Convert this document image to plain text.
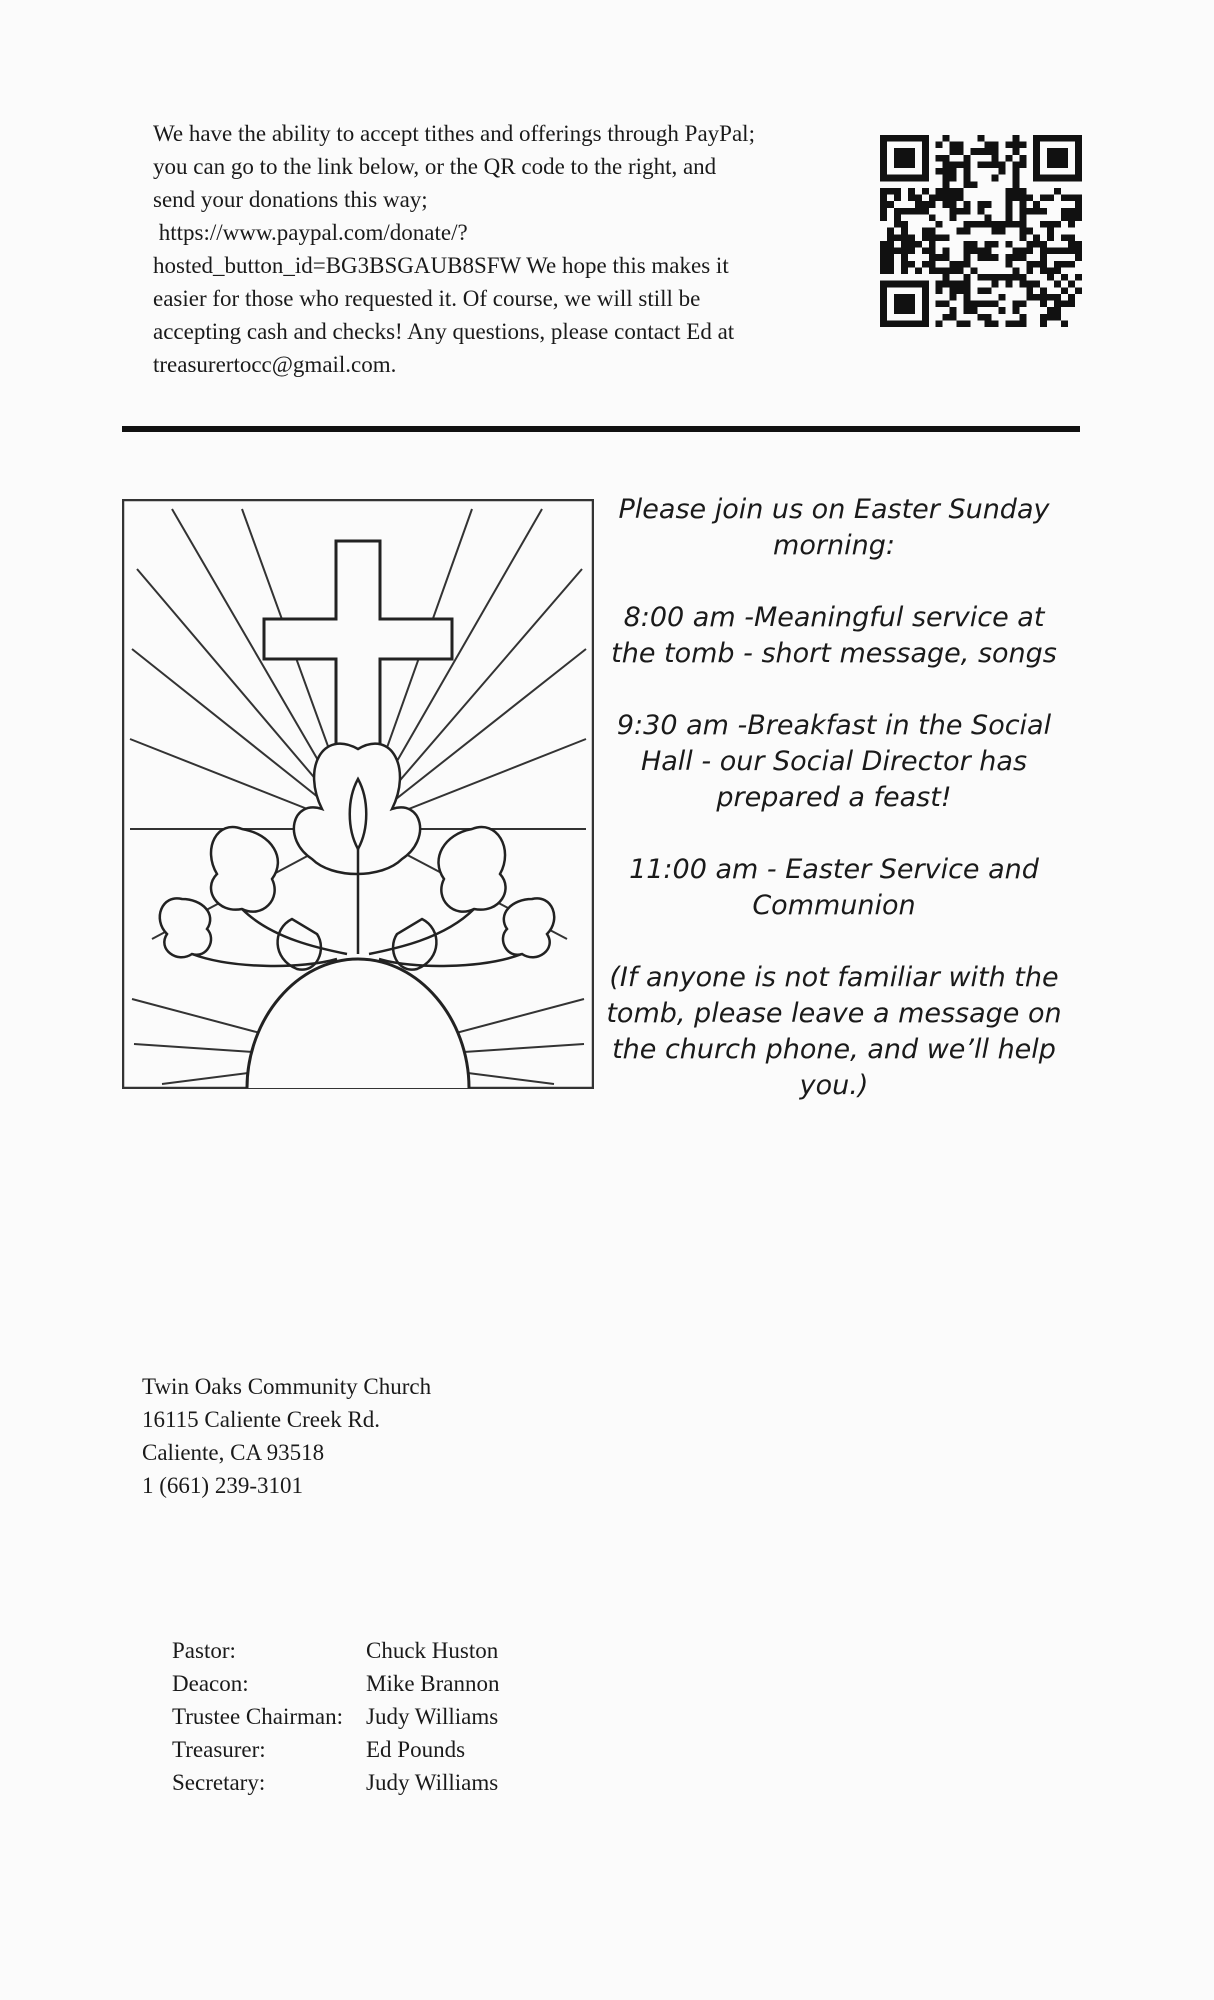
We have the ability to accept tithes and offerings through PayPal;
you can go to the link below, or the QR code to the right, and
send your donations this way;
https://www.paypal.com/donate/?
hosted_button_id=BG3BSGAUB8SFW We hope this makes it
easier for those who requested it. Of course, we will still be
accepting cash and checks! Any questions, please contact Ed at
treasurertocc@gmail.com.

Please join us on Easter Sunday morning:

8:00 am -Meaningful service at the tomb - short message, songs

9:30 am -Breakfast in the Social Hall - our Social Director has prepared a feast!

11:00 am - Easter Service and Communion

(If anyone is not familiar with the tomb, please leave a message on the church phone, and we’ll help you.)

Twin Oaks Community Church
16115 Caliente Creek Rd.
Caliente, CA 93518
1 (661) 239-3101
Pastor:	Chuck Huston
Deacon:	Mike Brannon
Trustee Chairman:	Judy Williams
Treasurer:	Ed Pounds
Secretary:	Judy Williams
